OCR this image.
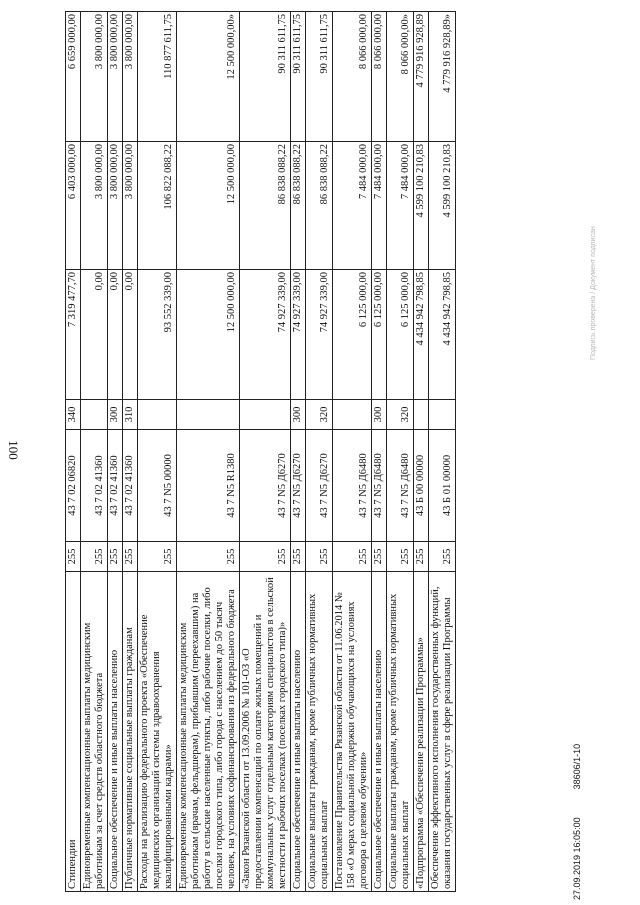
100
Стипендии	255	43 7 02 06820	340	7 319 477,70	6 403 000,00	6 659 000,00
Единовременные компенсационные выплаты медицинским работникам за счет средств областного бюджета	255	43 7 02 41360		0,00	3 800 000,00	3 800 000,00
Социальное обеспечение и иные выплаты населению	255	43 7 02 41360	300	0,00	3 800 000,00	3 800 000,00
Публичные нормативные социальные выплаты гражданам	255	43 7 02 41360	310	0,00	3 800 000,00	3 800 000,00
Расходы на реализацию федерального проекта «Обеспечение медицинских организаций системы здравоохранения квалифицированными кадрами»	255	43 7 N5 00000		93 552 339,00	106 822 088,22	110 877 611,75
Единовременные компенсационные выплаты медицинским работникам (врачам, фельдшерам), прибывшим (переехавшим) на работу в сельские населенные пункты, либо рабочие поселки, либо поселки городского типа, либо города с населением до 50 тысяч человек, на условиях софинансирования из федерального бюджета	255	43 7 N5 R1380		12 500 000,00	12 500 000,00	12 500 000,00»
«Закон Рязанской области от 13.09.2006 № 101-ОЗ «О предоставлении компенсаций по оплате жилых помещений и коммунальных услуг отдельным категориям специалистов в сельской местности и рабочих поселках (поселках городского типа)»	255	43 7 N5 Д6270		74 927 339,00	86 838 088,22	90 311 611,75
Социальное обеспечение и иные выплаты населению	255	43 7 N5 Д6270	300	74 927 339,00	86 838 088,22	90 311 611,75
Социальные выплаты гражданам, кроме публичных нормативных социальных выплат	255	43 7 N5 Д6270	320	74 927 339,00	86 838 088,22	90 311 611,75
Постановление Правительства Рязанской области от 11.06.2014 № 158 «О мерах социальной поддержки обучающихся на условиях договора о целевом обучении»	255	43 7 N5 Д6480		6 125 000,00	7 484 000,00	8 066 000,00
Социальное обеспечение и иные выплаты населению	255	43 7 N5 Д6480	300	6 125 000,00	7 484 000,00	8 066 000,00
Социальные выплаты гражданам, кроме публичных нормативных социальных выплат	255	43 7 N5 Д6480	320	6 125 000,00	7 484 000,00	8 066 000,00»
«Подпрограмма «Обеспечение реализации Программы»	255	43 Б 00 00000		4 434 942 798,85	4 599 100 210,83	4 779 916 928,89
Обеспечение эффективного исполнения государственных функций, оказания государственных услуг в сфере реализации Программы	255	43 Б 01 00000		4 434 942 798,85	4 599 100 210,83	4 779 916 928,89»
Подпись проверена / Документ подписан
27.09.2019 16:05:00
38606/1-10
